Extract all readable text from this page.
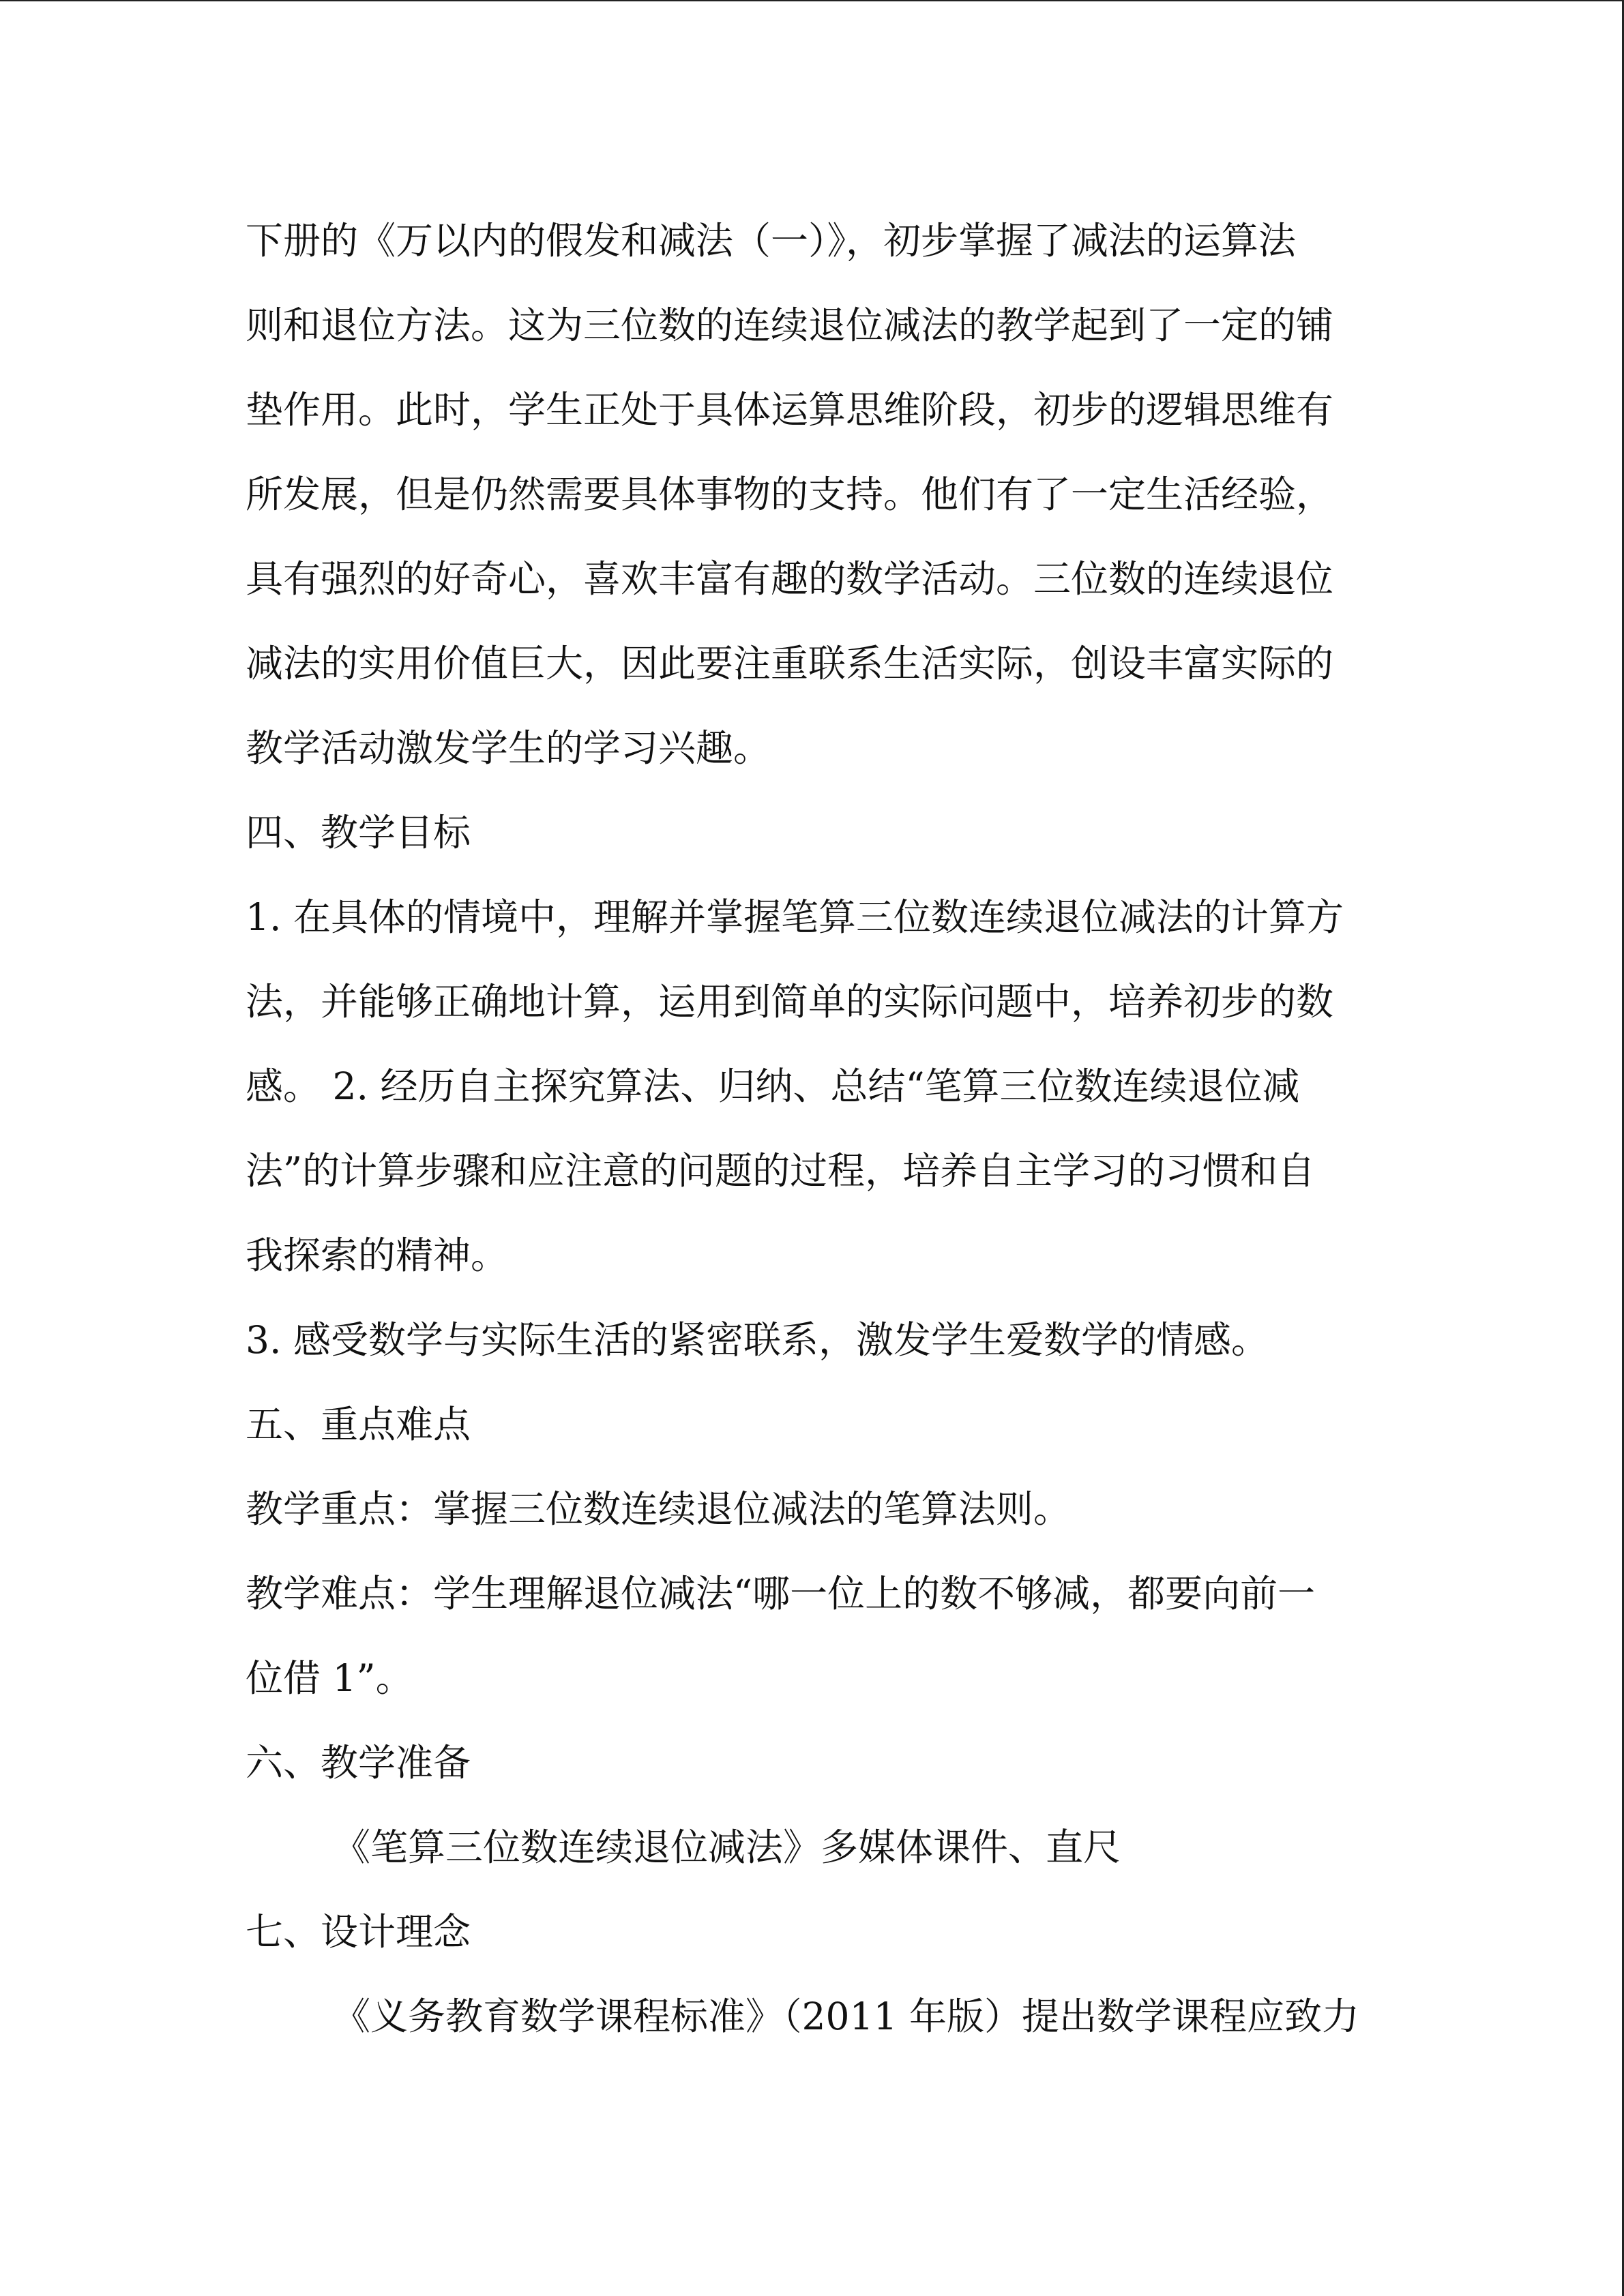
下册的《万以内的假发和减法（一）》，初步掌握了减法的运算法
则和退位方法。这为三位数的连续退位减法的教学起到了一定的铺
垫作用。此时，学生正处于具体运算思维阶段，初步的逻辑思维有
所发展，但是仍然需要具体事物的支持。他们有了一定生活经验，
具有强烈的好奇心，喜欢丰富有趣的数学活动。三位数的连续退位
减法的实用价值巨大，因此要注重联系生活实际，创设丰富实际的
教学活动激发学生的学习兴趣。
四、教学目标
1. 在具体的情境中，理解并掌握笔算三位数连续退位减法的计算方
法，并能够正确地计算，运用到简单的实际问题中，培养初步的数
感。 2. 经历自主探究算法、归纳、总结“笔算三位数连续退位减
法”的计算步骤和应注意的问题的过程，培养自主学习的习惯和自
我探索的精神。
3. 感受数学与实际生活的紧密联系，激发学生爱数学的情感。
五、重点难点
教学重点：掌握三位数连续退位减法的笔算法则。
教学难点：学生理解退位减法“哪一位上的数不够减，都要向前一
位借 1”。
六、教学准备
《笔算三位数连续退位减法》多媒体课件、直尺
七、设计理念
《义务教育数学课程标准》（2011 年版）提出数学课程应致力
